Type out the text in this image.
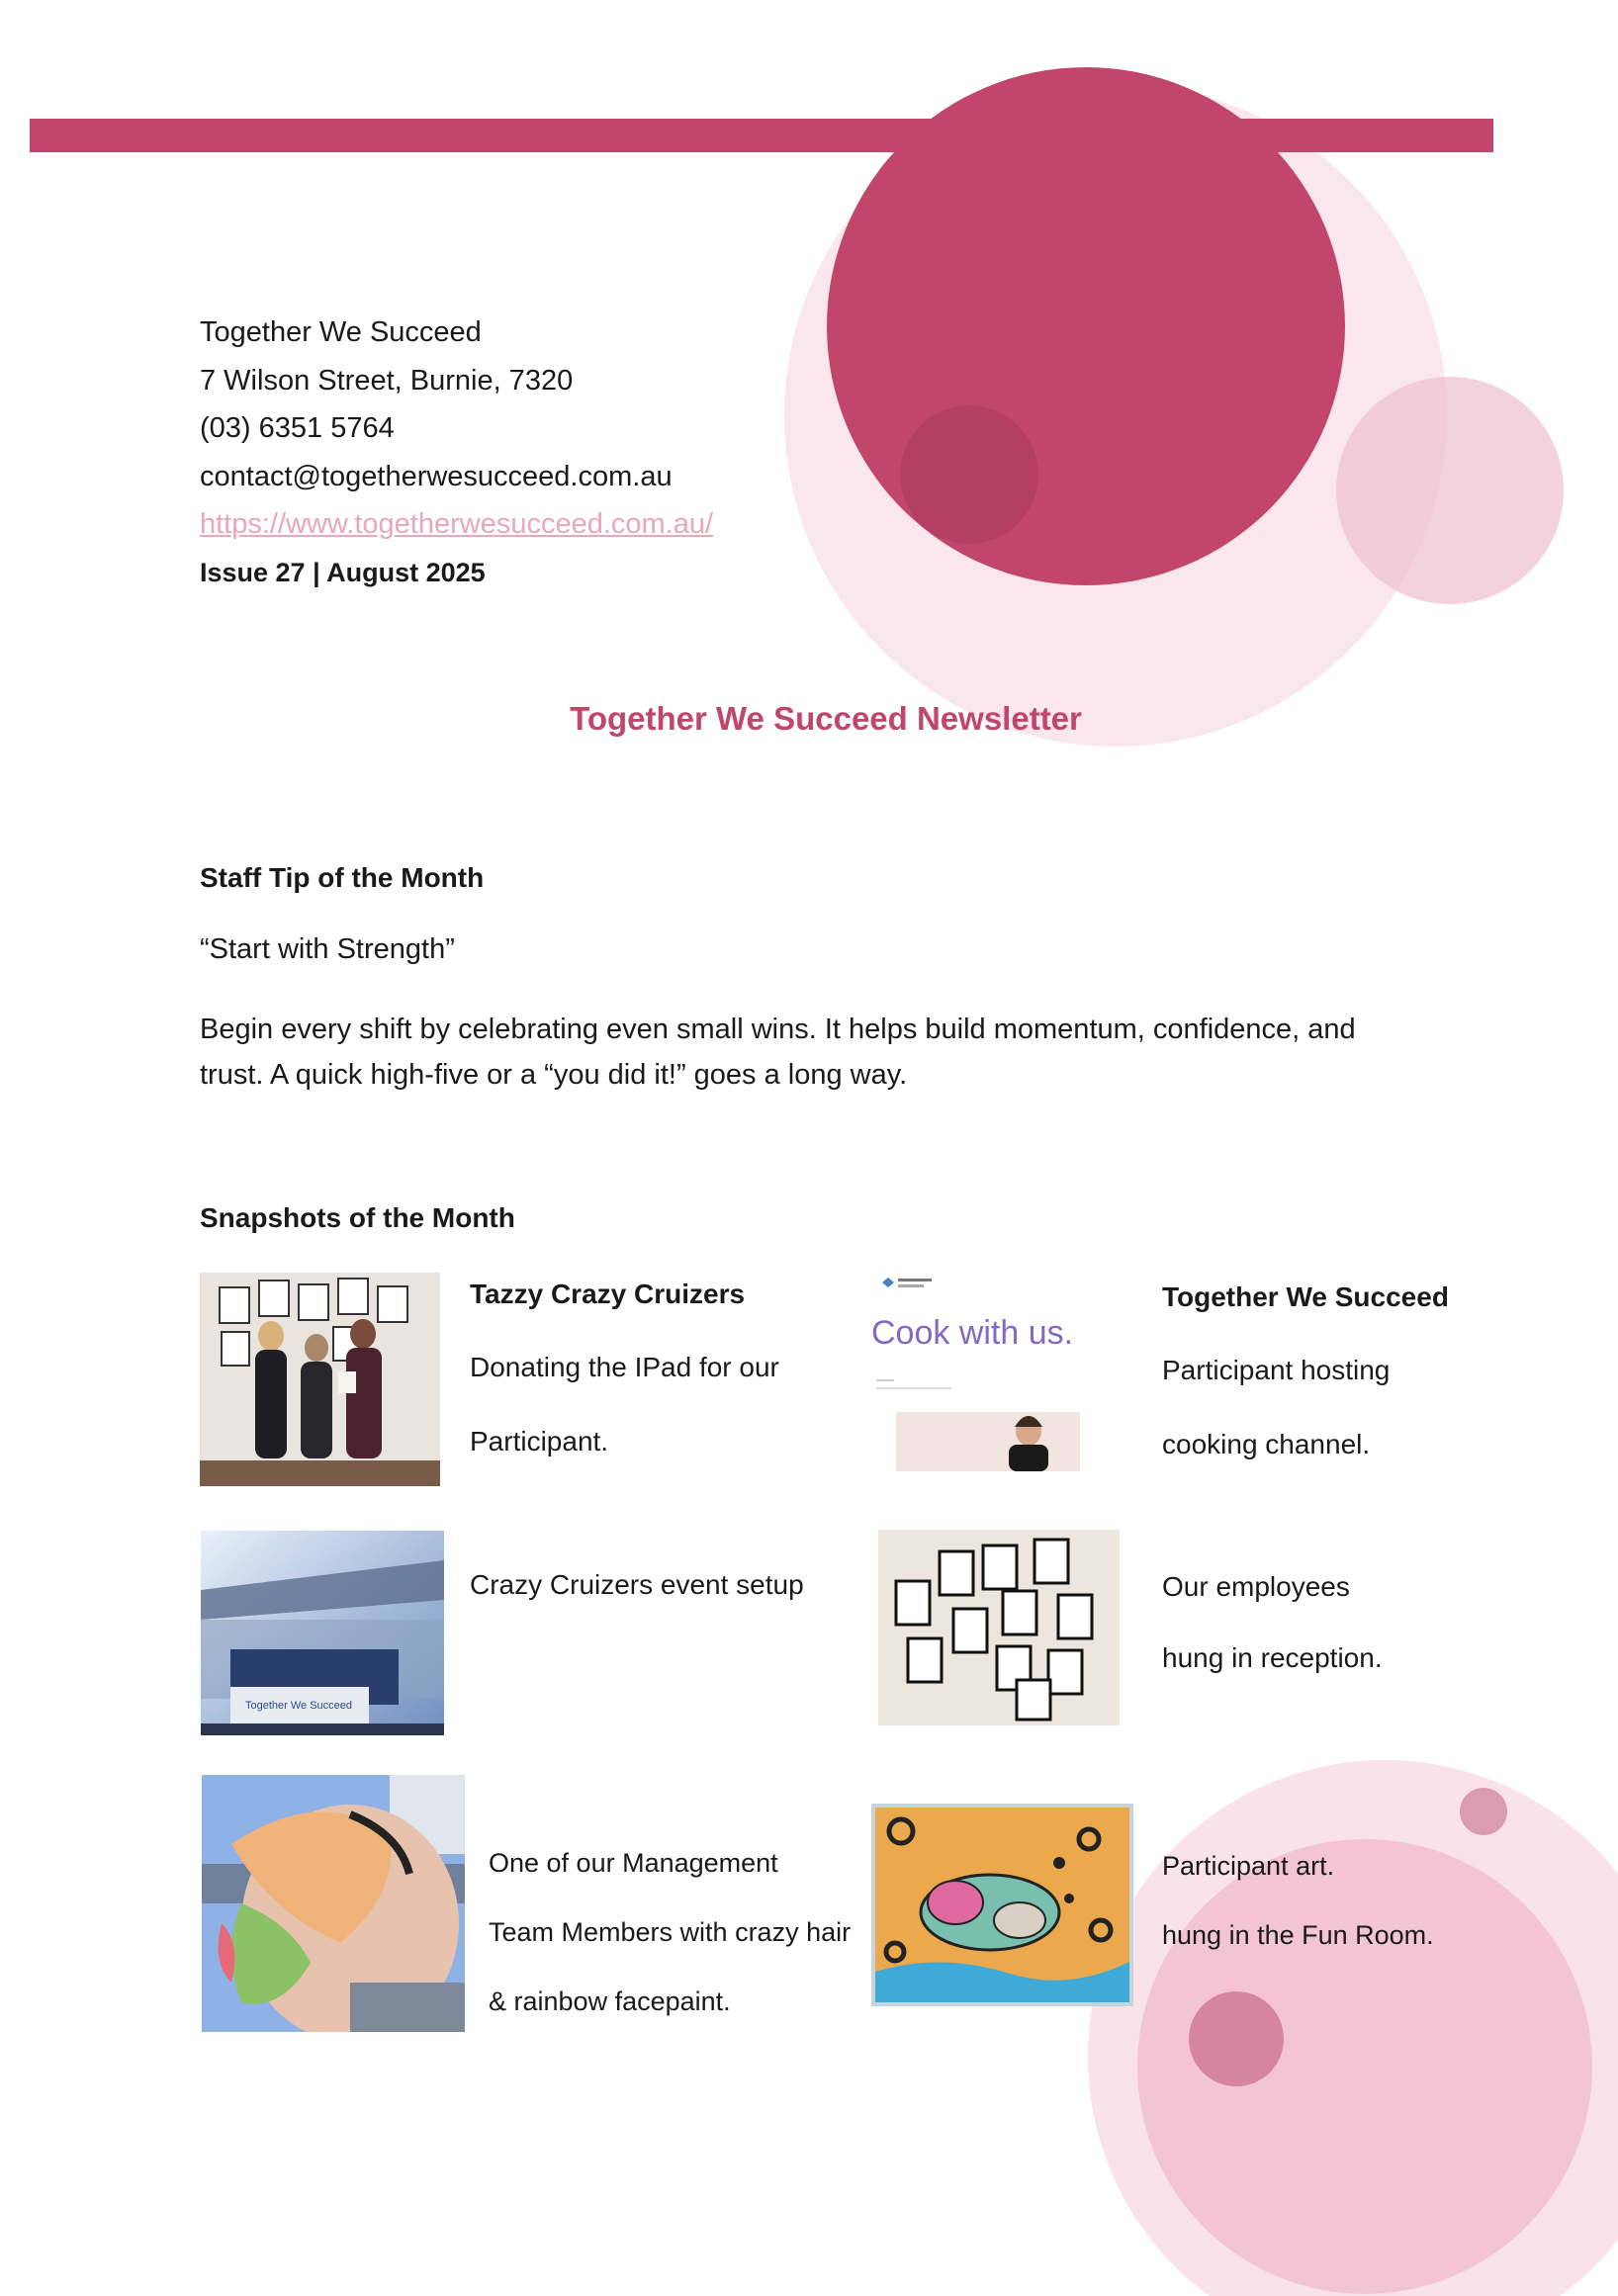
Together We Succeed
7 Wilson Street, Burnie, 7320
(03) 6351 5764
contact@togetherwesucceed.com.au
https://www.togetherwesucceed.com.au/
Issue 27 | August 2025
Together We Succeed Newsletter
Staff Tip of the Month
“Start with Strength”
Begin every shift by celebrating even small wins. It helps build momentum, confidence, and
trust. A quick high-five or a “you did it!” goes a long way.
Snapshots of the Month
Tazzy Crazy Cruizers
Donating the IPad for our
Participant.
Cook with us.
Together We Succeed
Participant hosting
cooking channel.
Together We Succeed
Crazy Cruizers event setup	Our employees
hung in reception.
One of our Management
Team Members with crazy hair
& rainbow facepaint.
Participant art.
hung in the Fun Room.
